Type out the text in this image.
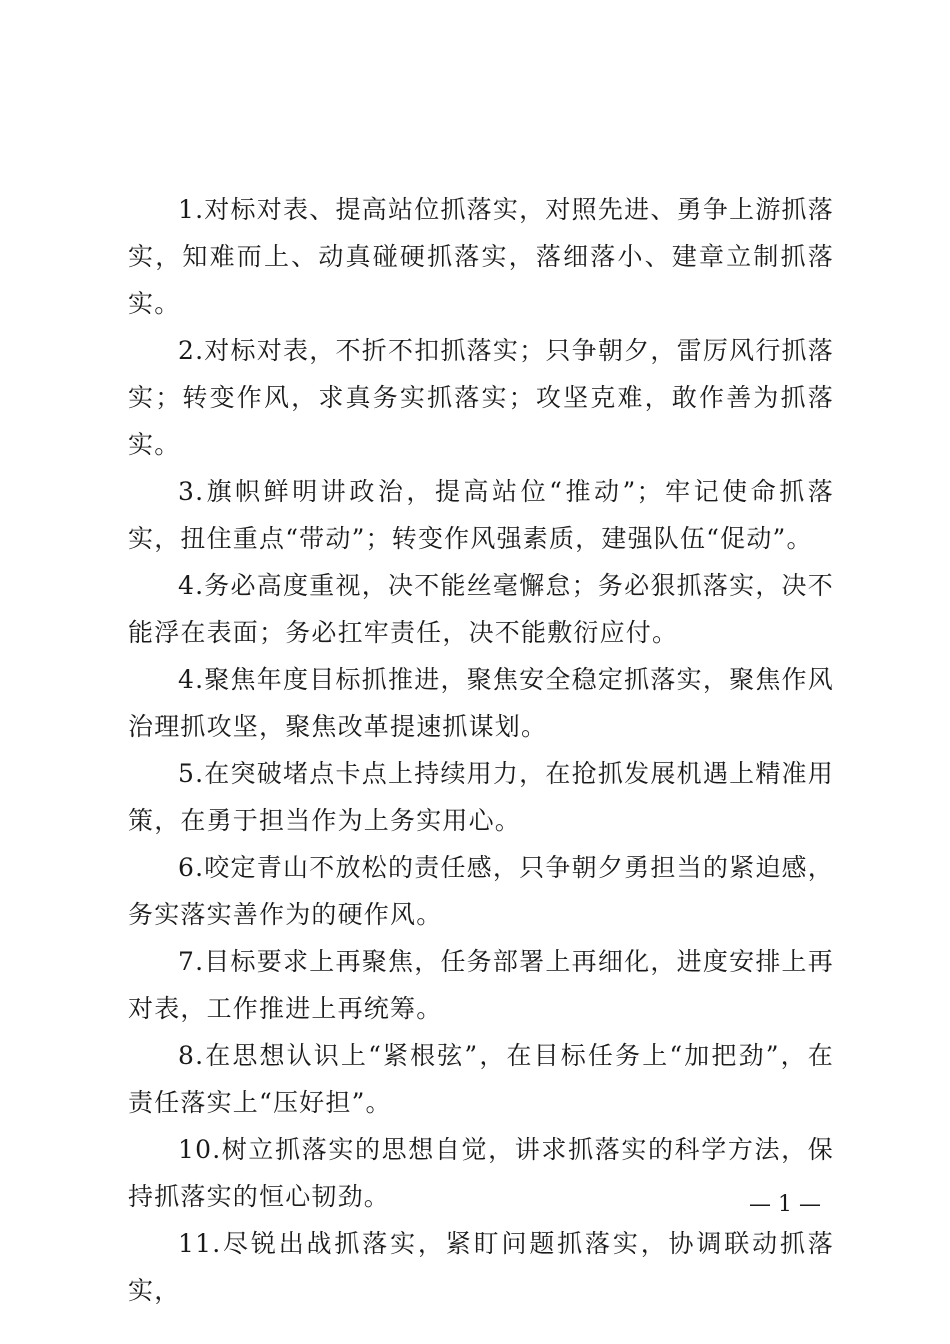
1.对标对表、提高站位抓落实，对照先进、勇争上游抓落实，知难而上、动真碰硬抓落实，落细落小、建章立制抓落实。

2.对标对表，不折不扣抓落实；只争朝夕，雷厉风行抓落实；转变作风，求真务实抓落实；攻坚克难，敢作善为抓落实。

3.旗帜鲜明讲政治，提高站位“推动”；牢记使命抓落实，扭住重点“带动”；转变作风强素质，建强队伍“促动”。

4.务必高度重视，决不能丝毫懈怠；务必狠抓落实，决不能浮在表面；务必扛牢责任，决不能敷衍应付。

4.聚焦年度目标抓推进，聚焦安全稳定抓落实，聚焦作风治理抓攻坚，聚焦改革提速抓谋划。

5.在突破堵点卡点上持续用力，在抢抓发展机遇上精准用策，在勇于担当作为上务实用心。

6.咬定青山不放松的责任感，只争朝夕勇担当的紧迫感，务实落实善作为的硬作风。

7.目标要求上再聚焦，任务部署上再细化，进度安排上再对表，工作推进上再统筹。

8.在思想认识上“紧根弦”，在目标任务上“加把劲”，在责任落实上“压好担”。

10.树立抓落实的思想自觉，讲求抓落实的科学方法，保持抓落实的恒心韧劲。

11.尽锐出战抓落实，紧盯问题抓落实，协调联动抓落实，

— 1 —
